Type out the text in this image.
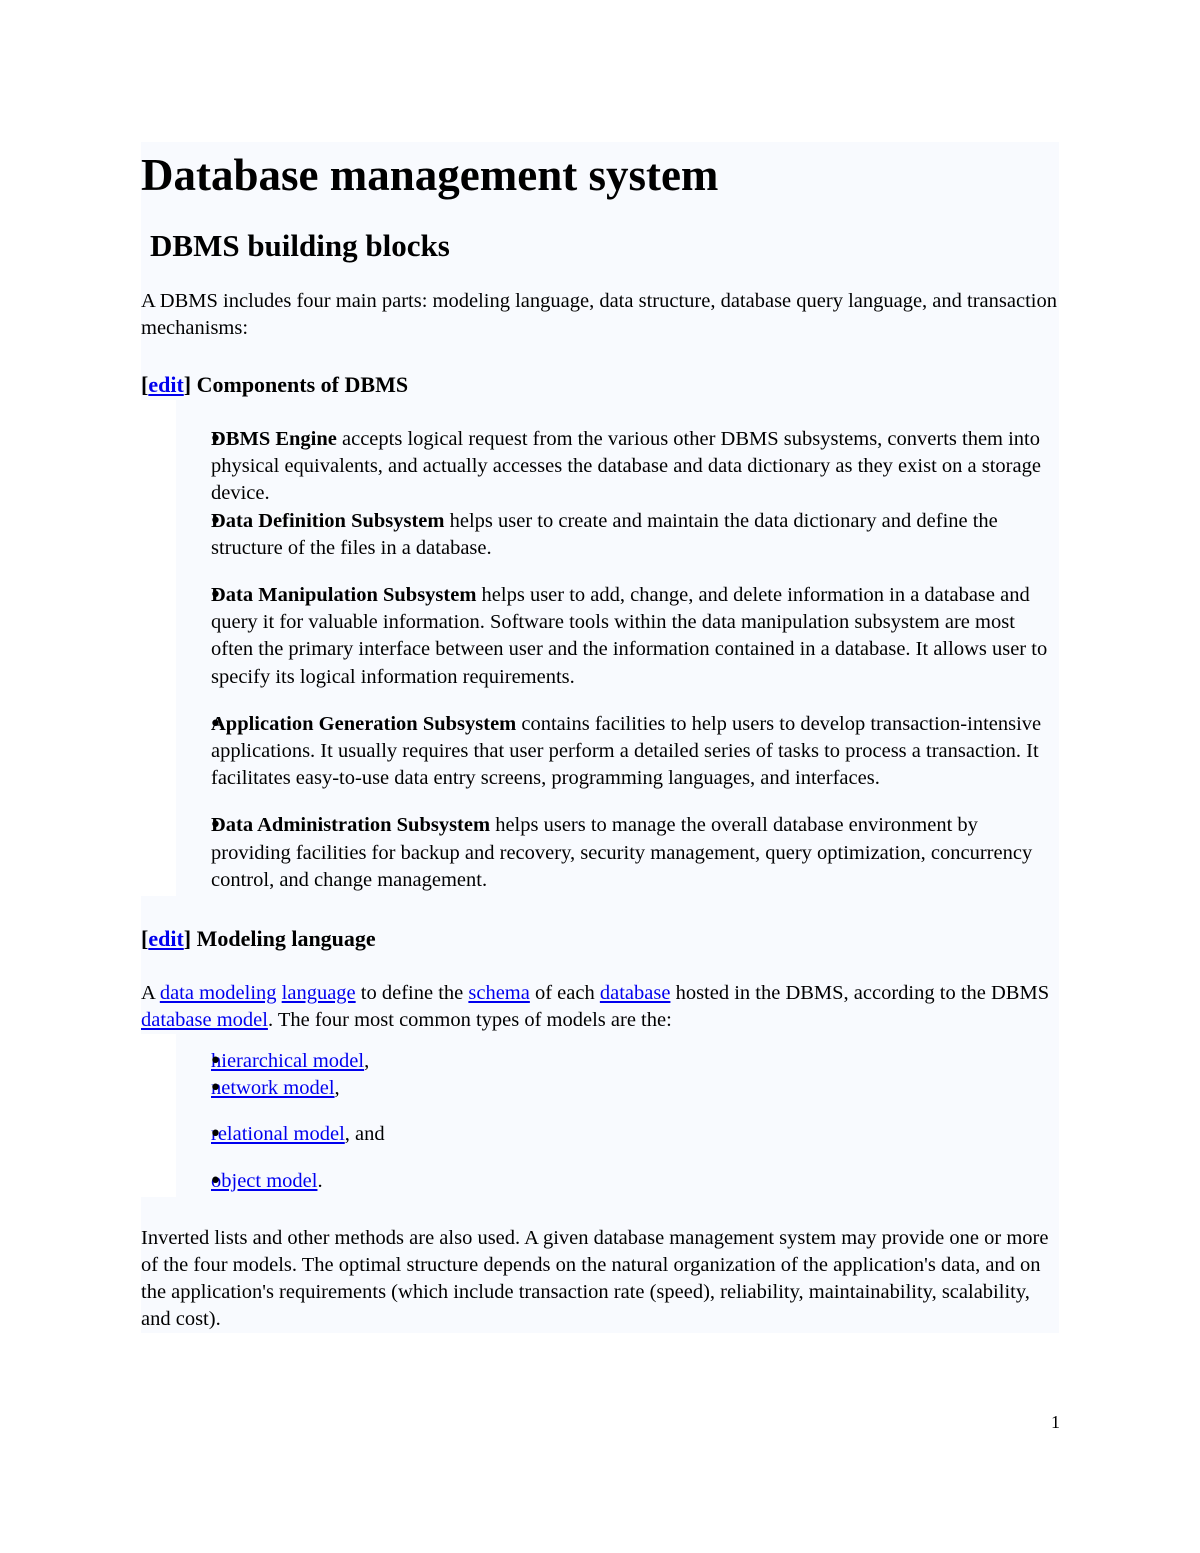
Database management system
DBMS building blocks

A DBMS includes four main parts: modeling language, data structure, database query language, and transaction mechanisms:

[edit] Components of DBMS
• DBMS Engine accepts logical request from the various other DBMS subsystems, converts them into physical equivalents, and actually accesses the database and data dictionary as they exist on a storage device.
• Data Definition Subsystem helps user to create and maintain the data dictionary and define the structure of the files in a database.
• Data Manipulation Subsystem helps user to add, change, and delete information in a database and query it for valuable information. Software tools within the data manipulation subsystem are most often the primary interface between user and the information contained in a database. It allows user to specify its logical information requirements.
• Application Generation Subsystem contains facilities to help users to develop transaction-intensive applications. It usually requires that user perform a detailed series of tasks to process a transaction. It facilitates easy-to-use data entry screens, programming languages, and interfaces.
• Data Administration Subsystem helps users to manage the overall database environment by providing facilities for backup and recovery, security management, query optimization, concurrency control, and change management.
[edit] Modeling language

A data modeling language to define the schema of each database hosted in the DBMS, according to the DBMS database model. The four most common types of models are the:

• hierarchical model,
• network model,
• relational model, and
• object model.

Inverted lists and other methods are also used. A given database management system may provide one or more of the four models. The optimal structure depends on the natural organization of the application's data, and on the application's requirements (which include transaction rate (speed), reliability, maintainability, scalability, and cost).

1
